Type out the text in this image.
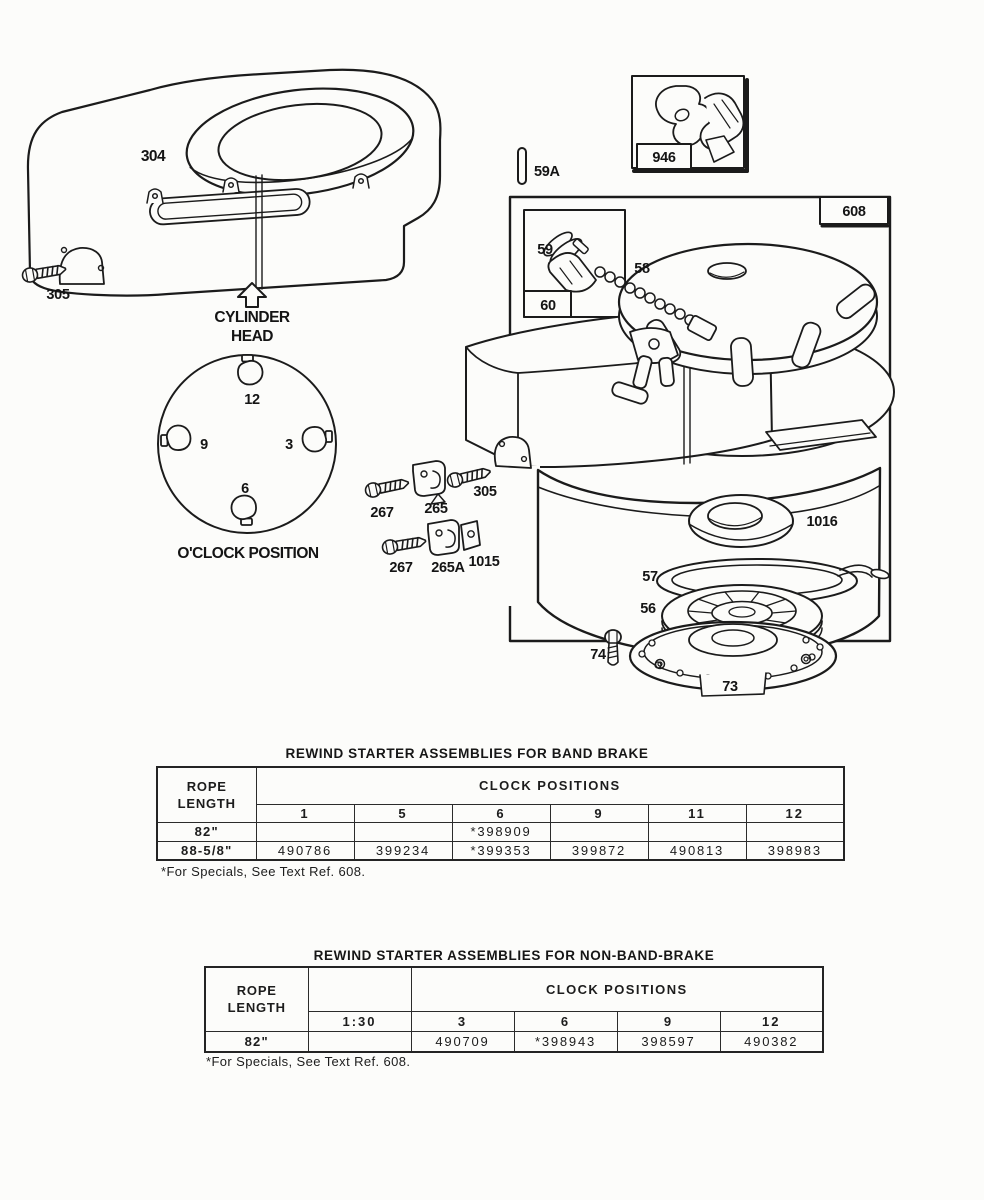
304
305
CYLINDER
HEAD
12
9	3
6
O'CLOCK POSITION
59A
946
59
60
58
608
267 265
305
267 265A 1015
1016
57
56
74
73
REWIND STARTER ASSEMBLIES FOR BAND BRAKE
ROPE
LENGTH	CLOCK POSITIONS					
	1	5	6	9	11	12
82"			*398909			
88-5/8"	490786	399234	*399353	399872	490813	398983
*For Specials, See Text Ref. 608.
REWIND STARTER ASSEMBLIES FOR NON-BAND-BRAKE
ROPE
LENGTH		CLOCK POSITIONS			
	1:30	3	6	9	12
82"		490709	*398943	398597	490382
*For Specials, See Text Ref. 608.
